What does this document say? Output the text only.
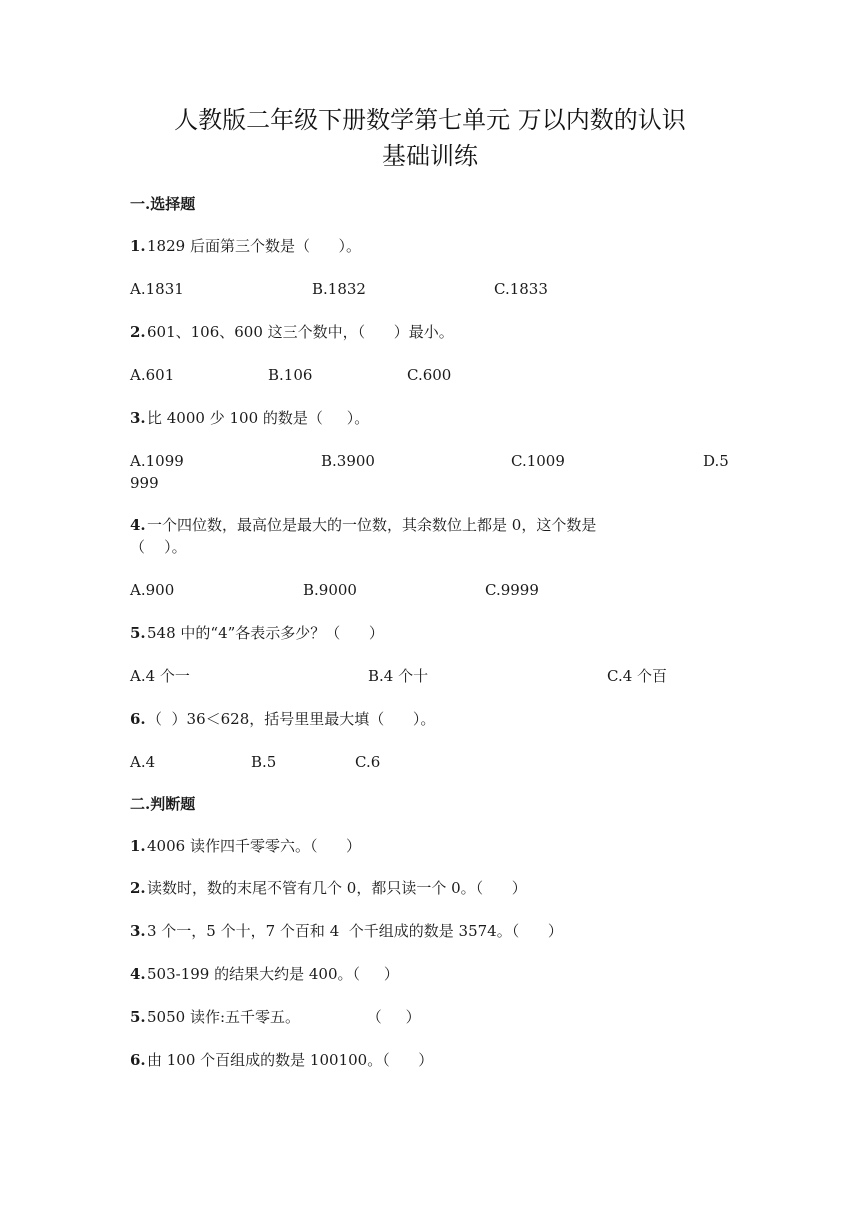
人教版二年级下册数学第七单元 万以内数的认识
基础训练
一.选择题
1. 1829 后面第三个数是（      ）。
A.1831	B.1832	C.1833
2. 601、106、600 这三个数中，（      ）最小。
A.601	B.106	C.600
3. 比 4000 少 100 的数是（     ）。
A.1099	B.3900	C.1009	D.5
999
4. 一个四位数，最高位是最大的一位数，其余数位上都是 0，这个数是
（    ）。
A.900	B.9000	C.9999
5. 548 中的“4”各表示多少？（      ）
A.4 个一	B.4 个十	C.4 个百
6. （  ）36＜628，括号里里最大填（      ）。
A.4	B.5	C.6
二.判断题
1. 4006 读作四千零零六。（      ）
2. 读数时，数的末尾不管有几个 0，都只读一个 0。（      ）
3. 3 个一，5 个十，7 个百和 4  个千组成的数是 3574。（      ）
4. 503-199 的结果大约是 400。（     ）
5. 5050 读作:五千零五。              （     ）
6. 由 100 个百组成的数是 100100。（      ）
